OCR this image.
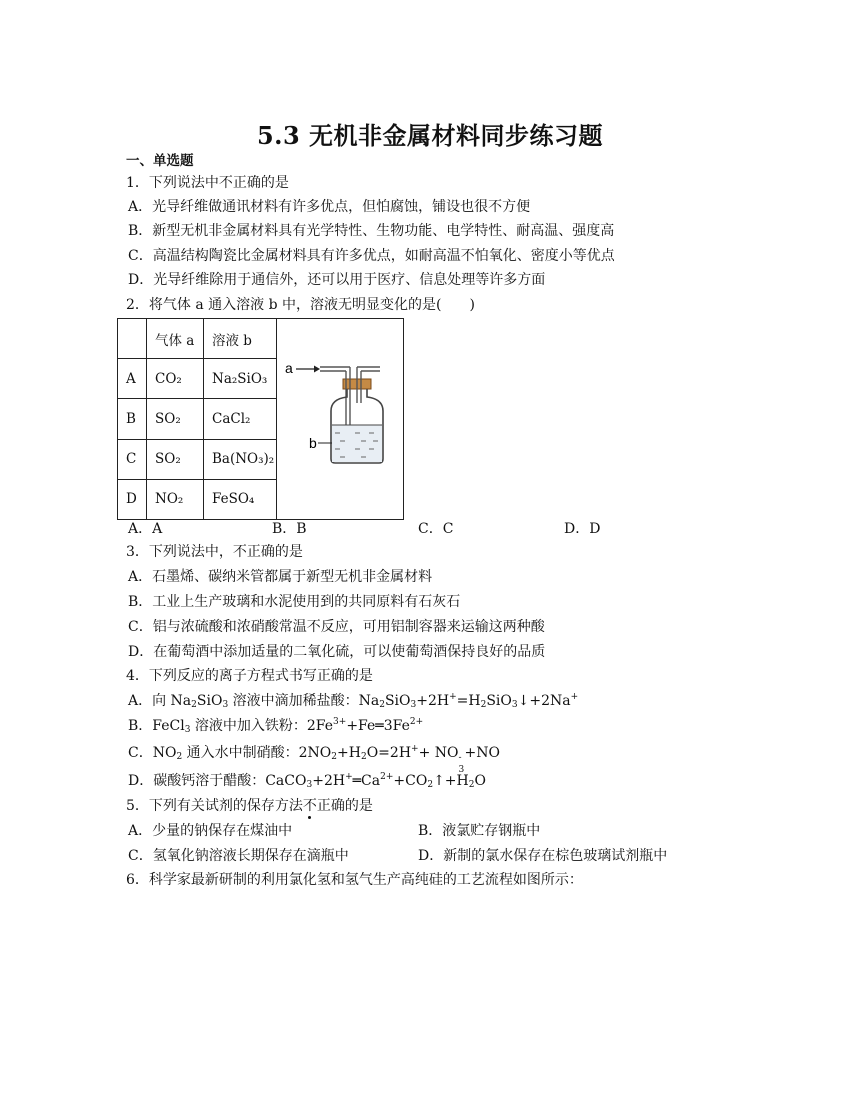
5.3 无机非金属材料同步练习题
一、单选题
1．下列说法中不正确的是
A．光导纤维做通讯材料有许多优点，但怕腐蚀，铺设也很不方便
B．新型无机非金属材料具有光学特性、生物功能、电学特性、耐高温、强度高
C．高温结构陶瓷比金属材料具有许多优点，如耐高温不怕氧化、密度小等优点
D．光导纤维除用于通信外，还可以用于医疗、信息处理等许多方面
2．将气体 a 通入溶液 b 中，溶液无明显变化的是(　　)
	气体 a	溶液 b	a
b

A	CO₂	Na₂SiO₃	
B	SO₂	CaCl₂	
C	SO₂	Ba(NO₃)₂	
D	NO₂	FeSO₄	
A．A	B．B	C．C	D．D
3．下列说法中，不正确的是
A．石墨烯、碳纳米管都属于新型无机非金属材料
B．工业上生产玻璃和水泥使用到的共同原料有石灰石
C．铝与浓硫酸和浓硝酸常温不反应，可用铝制容器来运输这两种酸
D．在葡萄酒中添加适量的二氧化硫，可以使葡萄酒保持良好的品质
4．下列反应的离子方程式书写正确的是
A．向 $Na_2SiO_3$ 溶液中滴加稀盐酸：$Na_2SiO_3+2H^+=H_2SiO_3↓+2Na^+$
B．FeCl$_3$ 溶液中加入铁粉：$2Fe^{3+}+Fe═3Fe^{2+}$
C．$NO_2$ 通入水中制硝酸：$2NO_2+H_2O=2H^++$ NO -
3
+NO
D．碳酸钙溶于醋酸：$CaCO_3+2H^+═Ca^{2+}+CO_2↑+H_2O$
5．下列有关试剂的保存方法不正确的是
A．少量的钠保存在煤油中	B．液氯贮存钢瓶中
C．氢氧化钠溶液长期保存在滴瓶中	D．新制的氯水保存在棕色玻璃试剂瓶中
6．科学家最新研制的利用氯化氢和氢气生产高纯硅的工艺流程如图所示：
